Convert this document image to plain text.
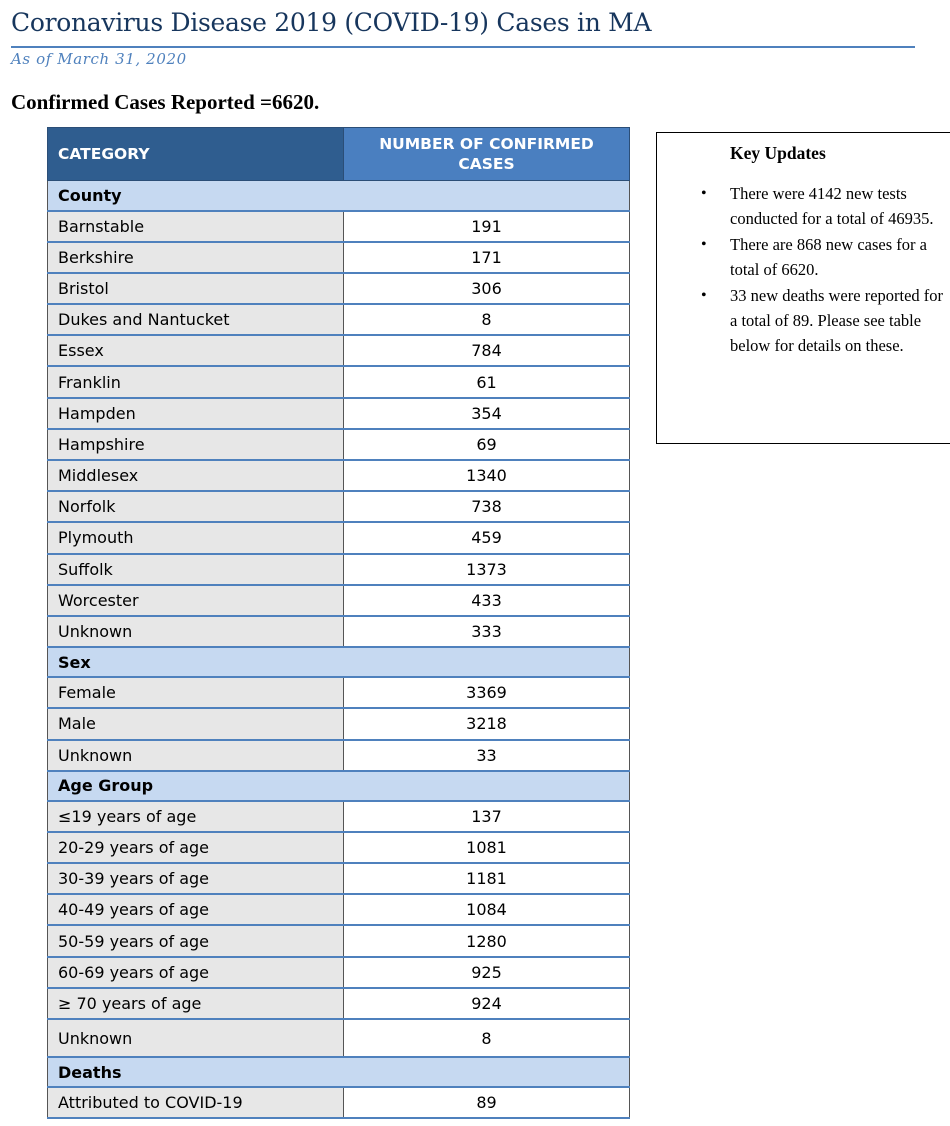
Coronavirus Disease 2019 (COVID-19) Cases in MA
As of March 31, 2020
Confirmed Cases Reported =6620.
CATEGORY	NUMBER OF CONFIRMED CASES
County	
Barnstable	191
Berkshire	171
Bristol	306
Dukes and Nantucket	8
Essex	784
Franklin	61
Hampden	354
Hampshire	69
Middlesex	1340
Norfolk	738
Plymouth	459
Suffolk	1373
Worcester	433
Unknown	333
Sex	
Female	3369
Male	3218
Unknown	33
Age Group	
≤19 years of age	137
20-29 years of age	1081
30-39 years of age	1181
40-49 years of age	1084
50-59 years of age	1280
60-69 years of age	925
≥ 70 years of age	924
Unknown	8
Deaths	
Attributed to COVID-19	89
Key Updates
• There were 4142 new tests conducted for a total of 46935.
• There are 868 new cases for a total of 6620.
• 33 new deaths were reported for a total of 89. Please see table below for details on these.
